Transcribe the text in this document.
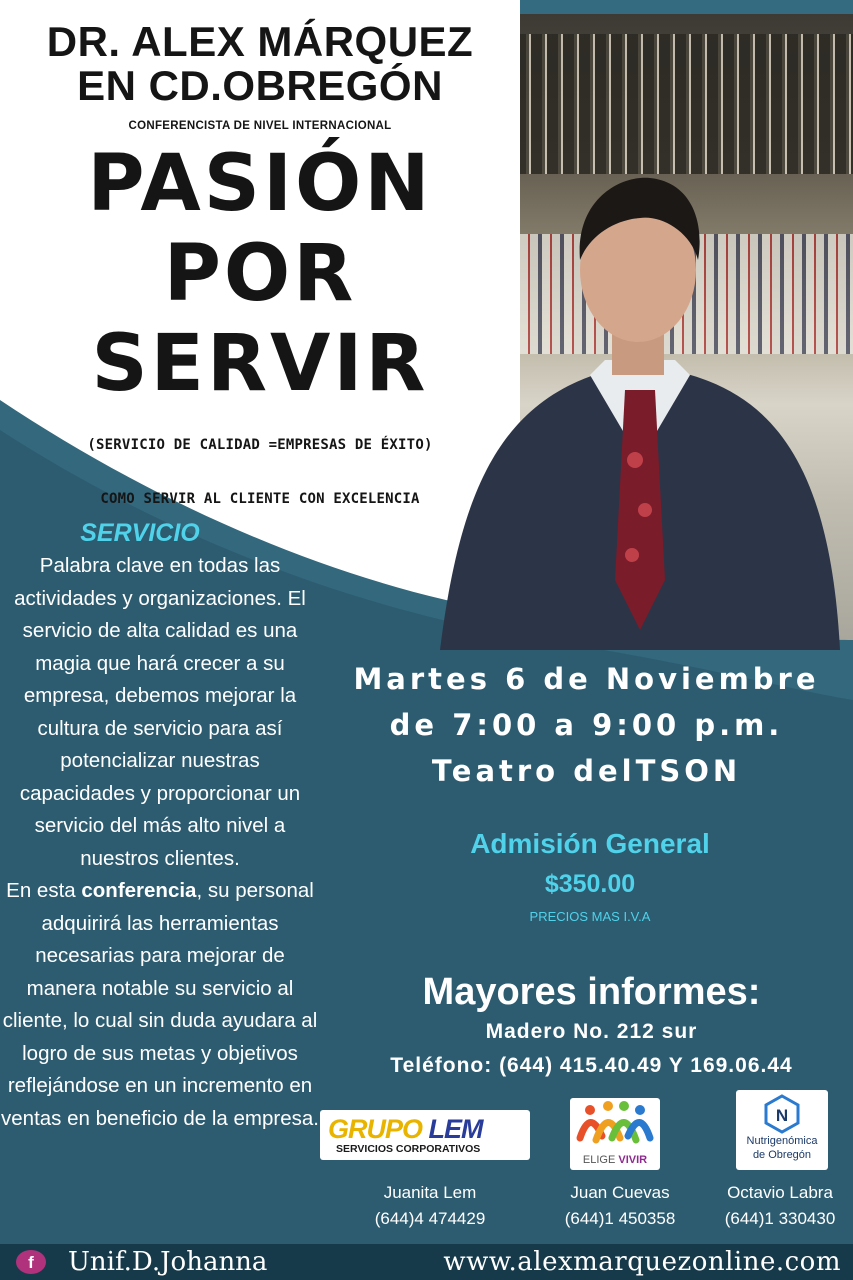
DR. ALEX MÁRQUEZ
EN CD.OBREGÓN
CONFERENCISTA DE NIVEL INTERNACIONAL
PASIÓN
POR
SERVIR
(SERVICIO DE CALIDAD =EMPRESAS DE ÉXITO)
COMO SERVIR AL CLIENTE CON EXCELENCIA
SERVICIO
Palabra clave en todas las actividades y organizaciones. El servicio de alta calidad es una magia que hará crecer a su empresa, debemos mejorar la cultura de servicio para así potencializar nuestras capacidades y proporcionar un servicio del más alto nivel a nuestros clientes.
En esta conferencia, su personal adquirirá las herramientas necesarias para mejorar de manera notable su servicio al cliente, lo cual sin duda ayudara al logro de sus metas y objetivos reflejándose en un incremento en ventas en beneficio de la empresa.
Martes 6 de Noviembre
de 7:00 a 9:00 p.m.
Teatro delTSON
Admisión General
$350.00
PRECIOS MAS I.V.A
Mayores informes:
Madero No. 212 sur
Teléfono: (644) 415.40.49 Y 169.06.44
GRUPO LEM
SERVICIOS CORPORATIVOS
ELIGE VIVIR
N
Nutrigenómica
de Obregón
Juanita Lem
(644)4 474429
Juan Cuevas
(644)1 450358
Octavio Labra
(644)1 330430
f	Unif.D.Johanna	www.alexmarquezonline.com
